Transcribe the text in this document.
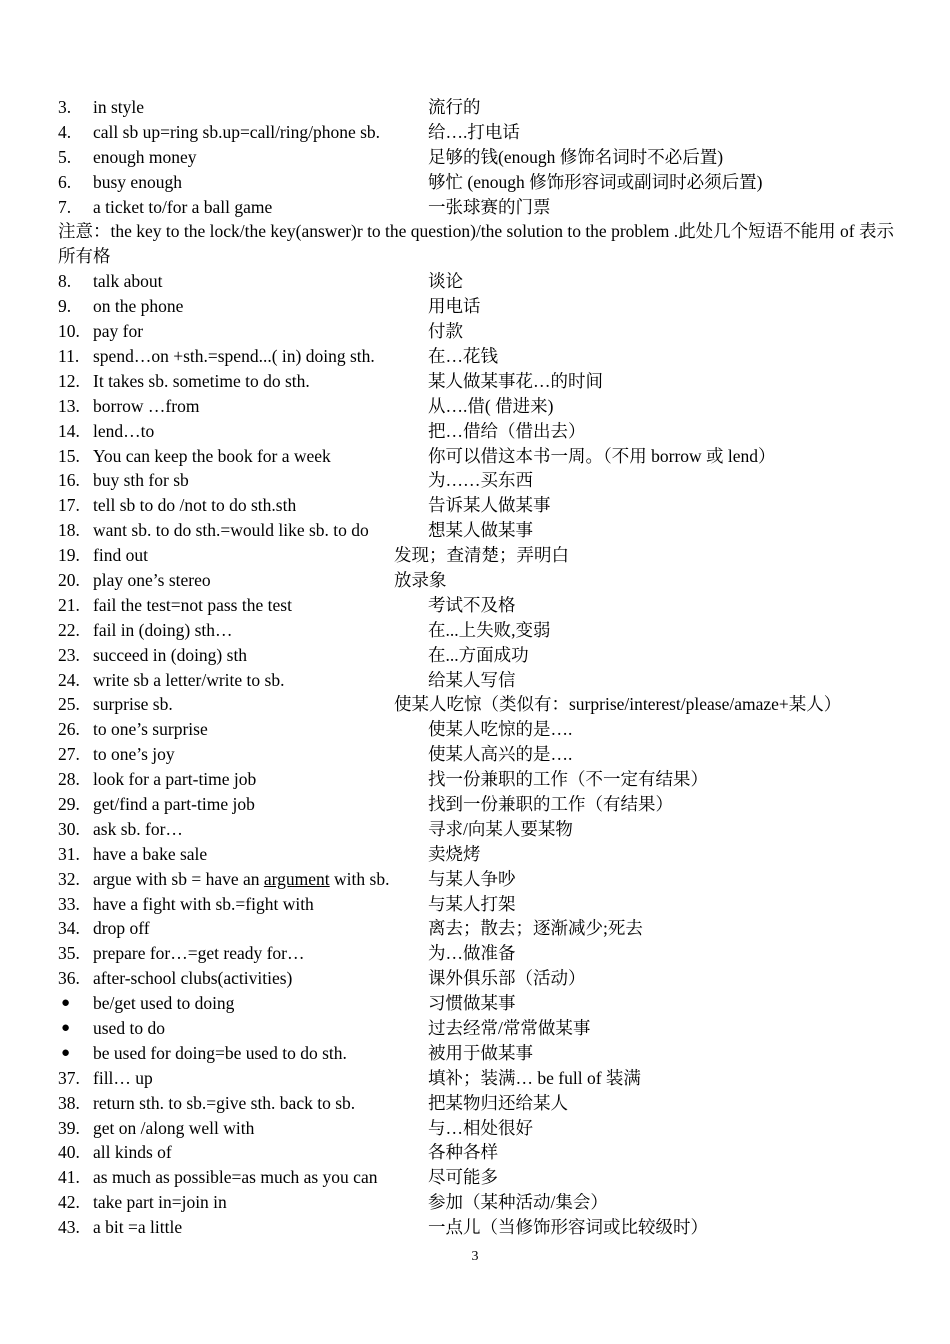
3.	in style	流行的
4.	call sb up=ring sb.up=call/ring/phone sb.	给….打电话
5.	enough money	足够的钱(enough 修饰名词时不必后置)
6.	busy enough	够忙 (enough 修饰形容词或副词时必须后置)
7.	a ticket to/for a ball game	一张球赛的门票
注意：the key to the lock/the key(answer)r to the question)/the solution to the problem .此处几个短语不能用 of 表示所有格
8.	talk about	谈论
9.	on the phone	用电话
10. pay for	付款
11. spend…on +sth.=spend...( in) doing sth.	在…花钱
12. It takes sb. sometime to do sth.	某人做某事花…的时间
13. borrow …from	从….借( 借进来)
14. lend…to	把…借给（借出去）
15. You can keep the book for a week	你可以借这本书一周。（不用 borrow 或 lend）
16. buy sth for sb	为……买东西
17. tell sb to do /not to do sth.sth	告诉某人做某事
18. want sb. to do sth.=would like sb. to do	想某人做某事
19. find out	发现；查清楚；弄明白
20. play one’s stereo	放录象
21. fail the test=not pass the test	考试不及格
22. fail in (doing) sth…	在...上失败,变弱
23. succeed in (doing) sth	在...方面成功
24. write sb a letter/write to sb.	给某人写信
25. surprise sb.	使某人吃惊（类似有：surprise/interest/please/amaze+某人）
26. to one’s surprise	使某人吃惊的是….
27. to one’s joy	使某人高兴的是….
28. look for a part-time job	找一份兼职的工作（不一定有结果）
29. get/find a part-time job	找到一份兼职的工作（有结果）
30. ask sb. for…	寻求/向某人要某物
31. have a bake sale	卖烧烤
32. argue with sb = have an argument with sb. 与某人争吵
33. have a fight with sb.=fight with	与某人打架
34. drop off	离去；散去；逐渐减少;死去
35. prepare for…=get ready for…	为…做准备
36. after-school clubs(activities)	课外俱乐部（活动）
● be/get used to doing	习惯做某事
● used to do	过去经常/常常做某事
● be used for doing=be used to do sth.	被用于做某事
37. fill… up	填补；装满… be full of 装满
38. return sth. to sb.=give sth. back to sb.	把某物归还给某人
39. get on /along well with	与…相处很好
40. all kinds of	各种各样
41. as much as possible=as much as you can	尽可能多
42. take part in=join in	参加（某种活动/集会）
43. a bit =a little	一点儿（当修饰形容词或比较级时）
3
